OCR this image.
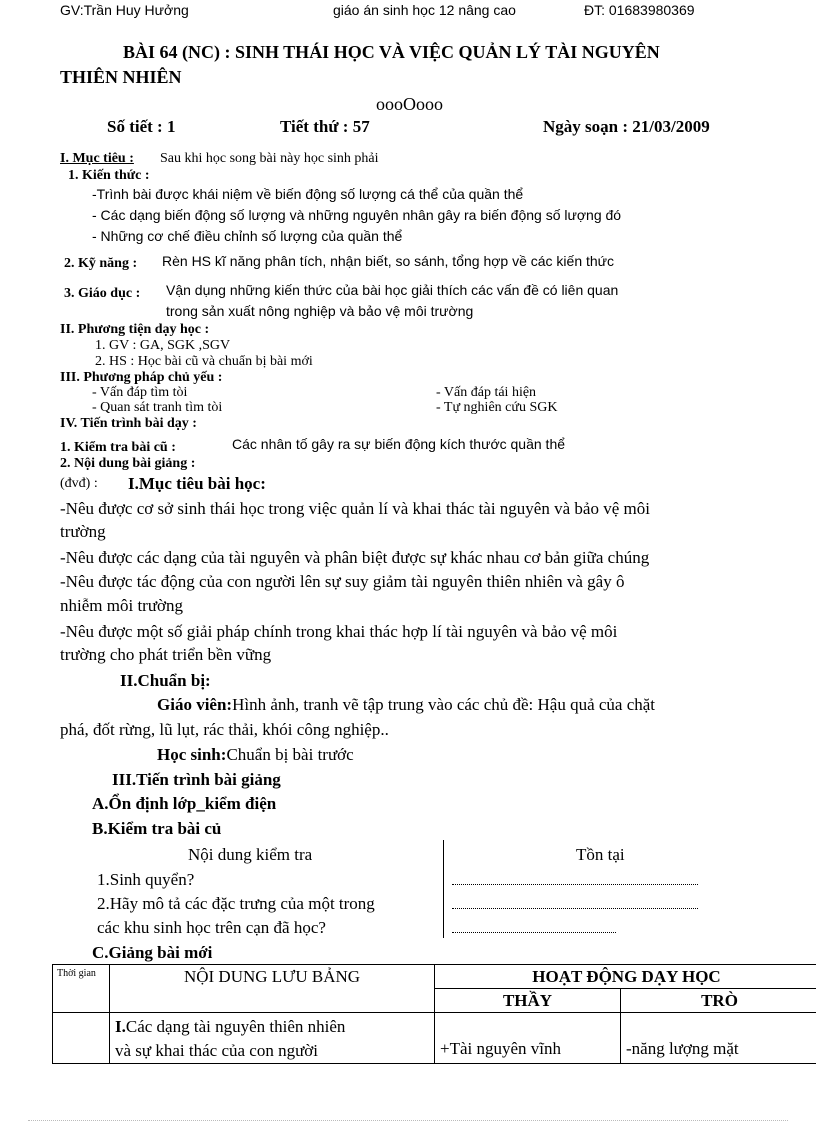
GV:Trần Huy Hưởng	giáo án sinh học 12 nâng cao	ĐT: 01683980369
BÀI 64 (NC) : SINH THÁI HỌC VÀ VIỆC QUẢN LÝ TÀI NGUYÊN
THIÊN NHIÊN
oooOooo
Số tiết : 1	Tiết thứ : 57	Ngày soạn : 21/03/2009
I. Mục tiêu : Sau khi học song bài này học sinh phải
1. Kiến thức :
-Trình bài được khái niệm về biến động số lượng cá thể của quần thể
- Các dạng biến động số lượng và những nguyên nhân gây ra biến động số lượng đó
- Những cơ chế điều chỉnh số lượng của quần thể
2. Kỹ năng : Rèn HS kĩ năng phân tích, nhận biết, so sánh, tổng hợp về các kiến thức
3. Giáo dục : Vận dụng những kiến thức của bài học giải thích các vấn đề có liên quan
trong sản xuất nông nghiệp và bảo vệ môi trường
II. Phương tiện dạy học :
1. GV : GA, SGK ,SGV
2. HS : Học bài cũ và chuẩn bị bài mới
III. Phương pháp chủ yếu :
- Vấn đáp tìm tòi
- Quan sát tranh tìm tòi
- Vấn đáp tái hiện
- Tự nghiên cứu SGK
IV. Tiến trình bài dạy :
1. Kiểm tra bài cũ :	Các nhân tố gây ra sự biến động kích thước quần thể
2. Nội dung bài giảng :
(đvđ) : I.Mục tiêu bài học:
-Nêu được cơ sở sinh thái học trong việc quản lí và khai thác tài nguyên và bảo vệ môi
trường
-Nêu được các dạng của tài nguyên và phân biệt được sự khác nhau cơ bản giữa chúng
-Nêu được tác động của con người lên sự suy giảm tài nguyên thiên nhiên và gây ô
nhiễm môi trường
-Nêu được một số giải pháp chính trong khai thác hợp lí tài nguyên và bảo vệ môi
trường cho phát triển bền vững
II.Chuẩn bị:
Giáo viên:Hình ảnh, tranh vẽ tập trung vào các chủ đề: Hậu quả của chặt
phá, đốt rừng, lũ lụt, rác thải, khói công nghiệp..
Học sinh:Chuẩn bị bài trước
III.Tiến trình bài giảng
A.Ổn định lớp_kiểm điện
B.Kiểm tra bài củ
Nội dung kiểm tra	Tồn tại
1.Sinh quyển?
2.Hãy mô tả các đặc trưng của một trong
các khu sinh học trên cạn đã học?
C.Giảng bài mới
Thời gian	NỘI DUNG LƯU BẢNG	HOẠT ĐỘNG DẠY HỌC	
		THẦY	TRÒ

	I.Các dạng tài nguyên thiên nhiên
và sự khai thác của con người	+Tài nguyên vĩnh	-năng lượng mặt
